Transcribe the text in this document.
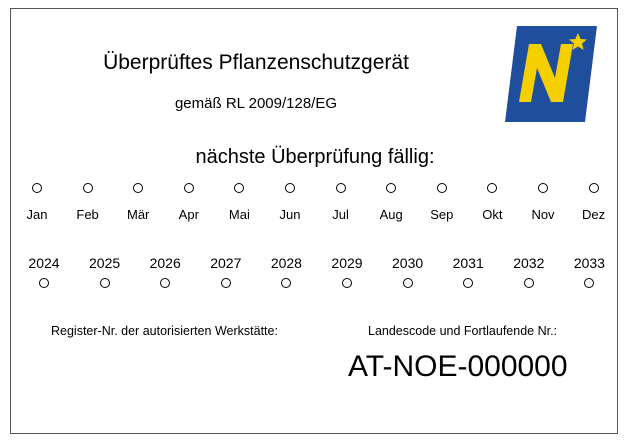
Überprüftes Pflanzenschutzgerät
gemäß RL 2009/128/EG
nächste Überprüfung fällig:
Jan	Feb	Mär	Apr	Mai	Jun	Jul	Aug	Sep	Okt	Nov	Dez
2024	2025	2026	2027	2028	2029	2030	2031	2032	2033
Register-Nr. der autorisierten Werkstätte:	Landescode und Fortlaufende Nr.:
AT-NOE-000000
